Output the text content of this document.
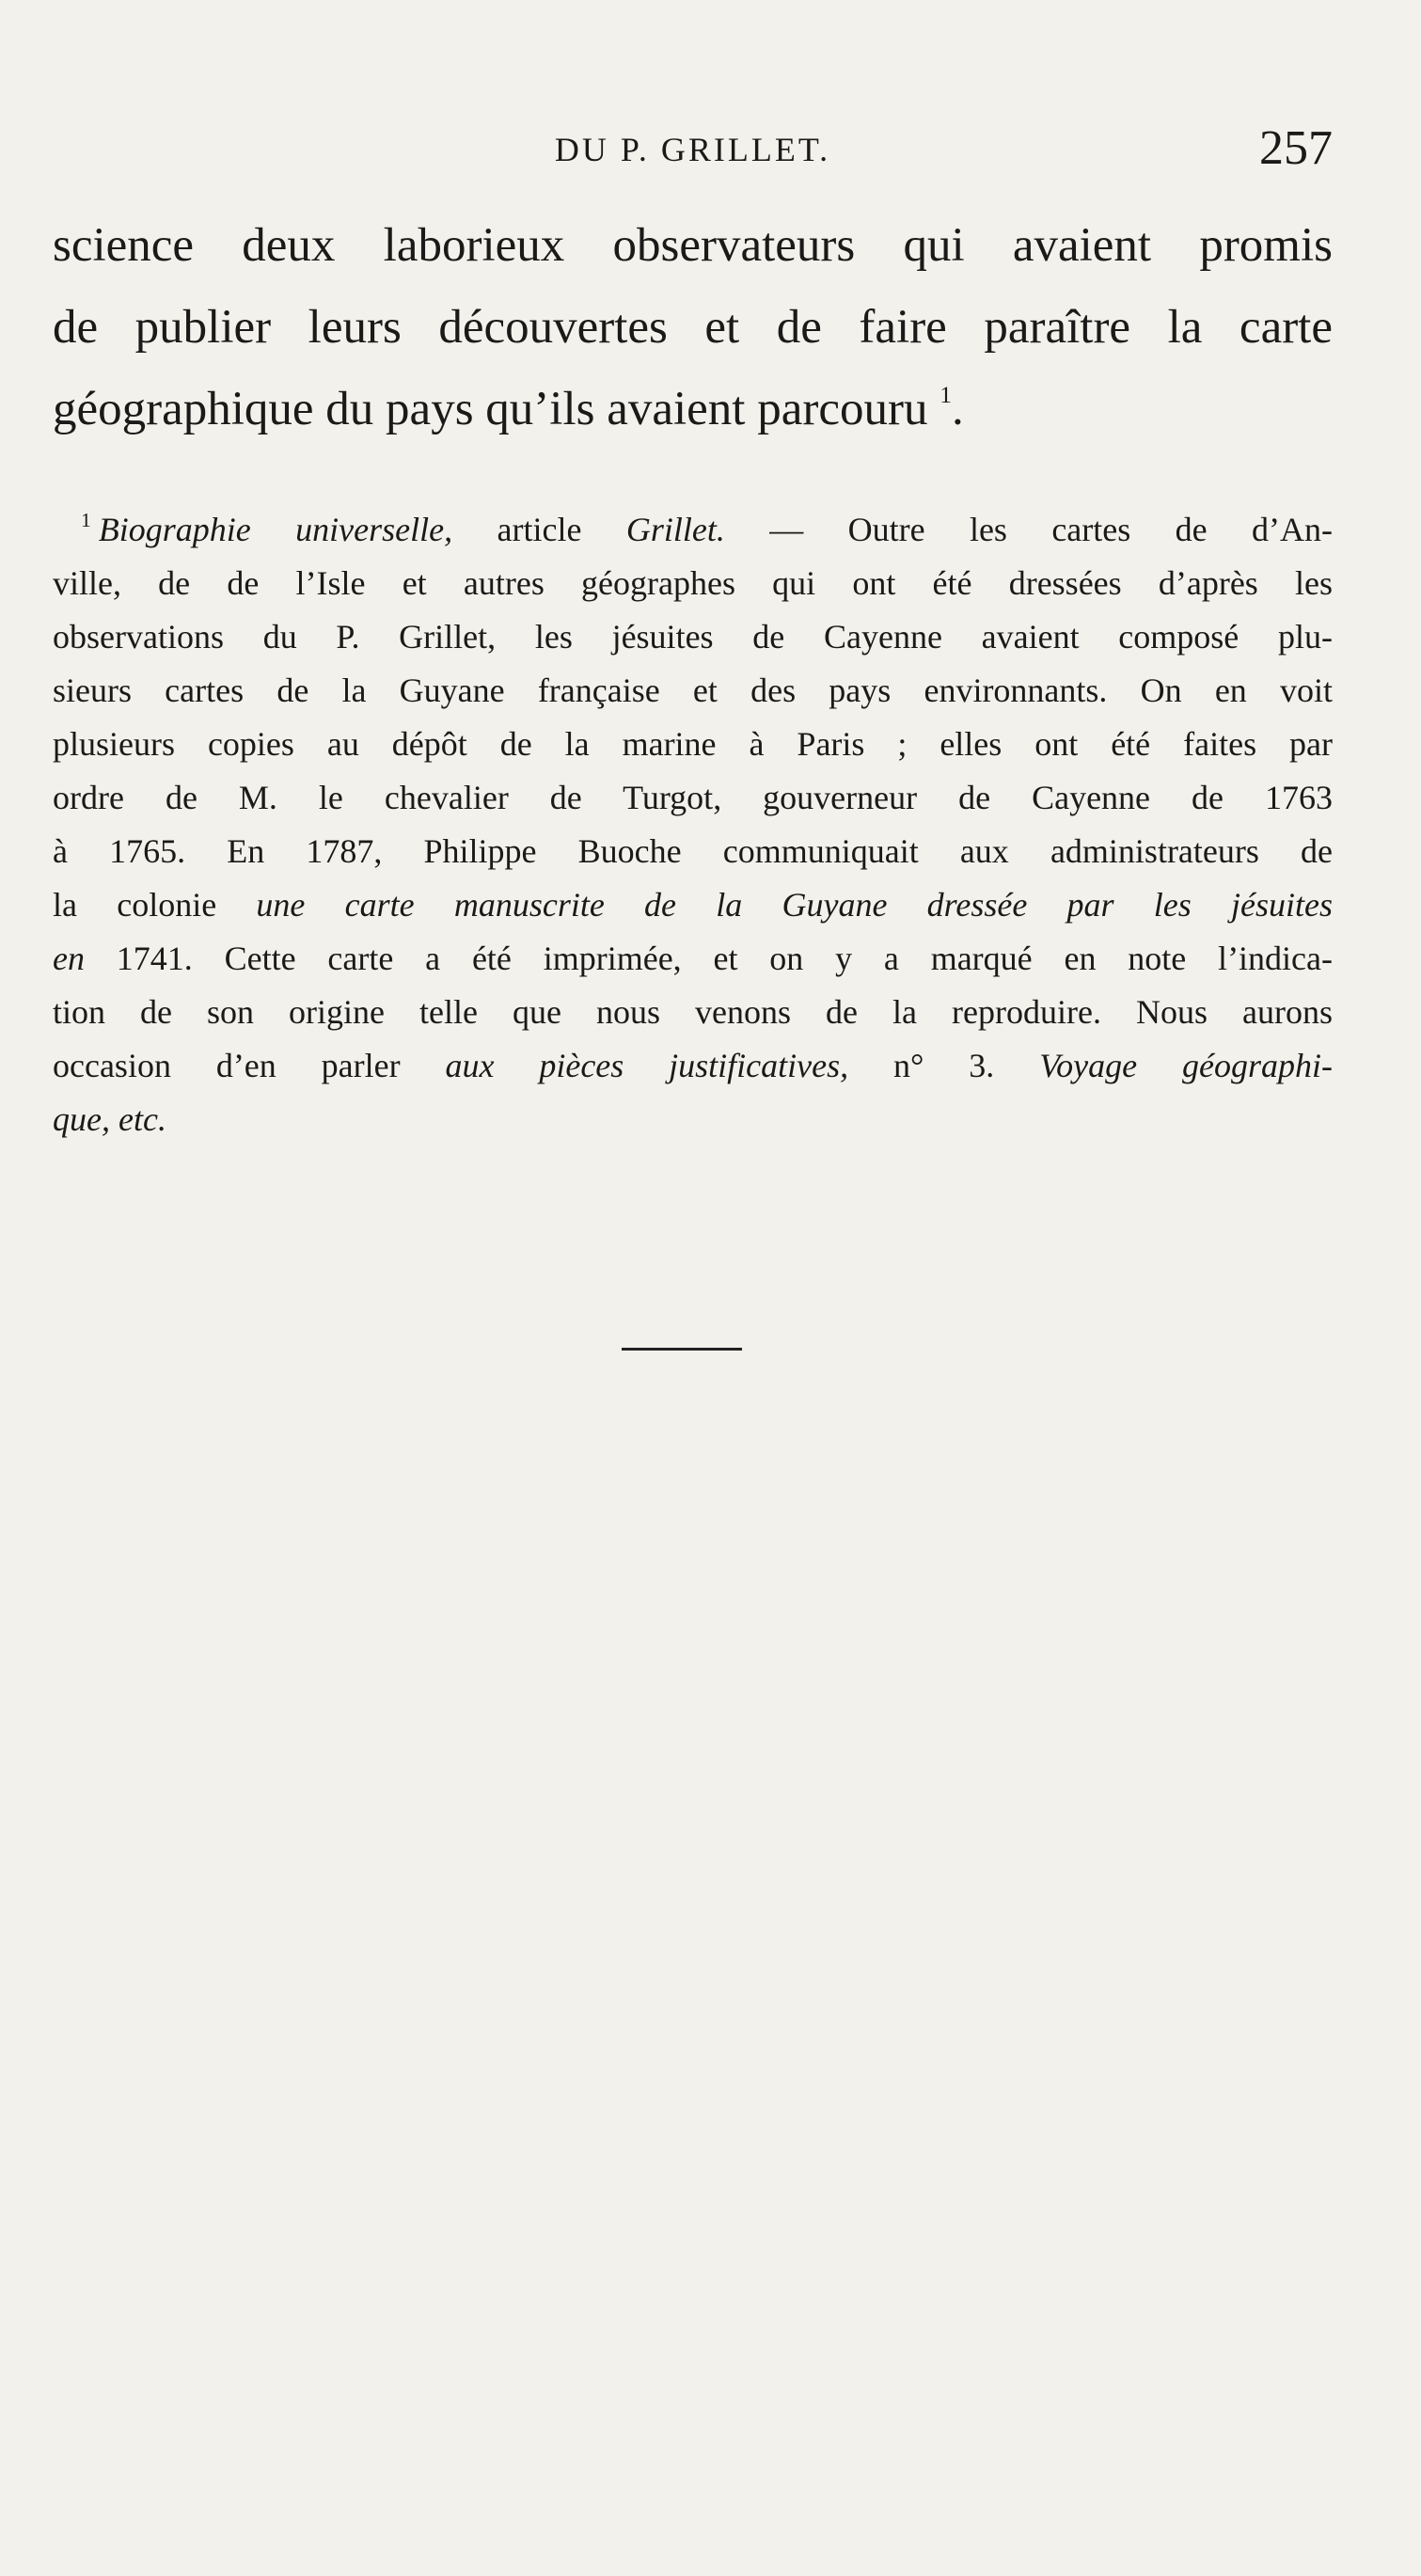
DU P. GRILLET.	257
science deux laborieux observateurs qui avaient promis
de publier leurs découvertes et de faire paraître la carte
géographique du pays qu’ils avaient parcouru $^1$.
$^1$ Biographie universelle, article Grillet. — Outre les cartes de d’An-
ville, de de l’Isle et autres géographes qui ont été dressées d’après les
observations du P. Grillet, les jésuites de Cayenne avaient composé plu-
sieurs cartes de la Guyane française et des pays environnants. On en voit
plusieurs copies au dépôt de la marine à Paris ; elles ont été faites par
ordre de M. le chevalier de Turgot, gouverneur de Cayenne de 1763
à 1765. En 1787, Philippe Buoche communiquait aux administrateurs de
la colonie une carte manuscrite de la Guyane dressée par les jésuites
en 1741. Cette carte a été imprimée, et on y a marqué en note l’indica-
tion de son origine telle que nous venons de la reproduire. Nous aurons
occasion d’en parler aux pièces justificatives, n° 3. Voyage géographi-
que, etc.
